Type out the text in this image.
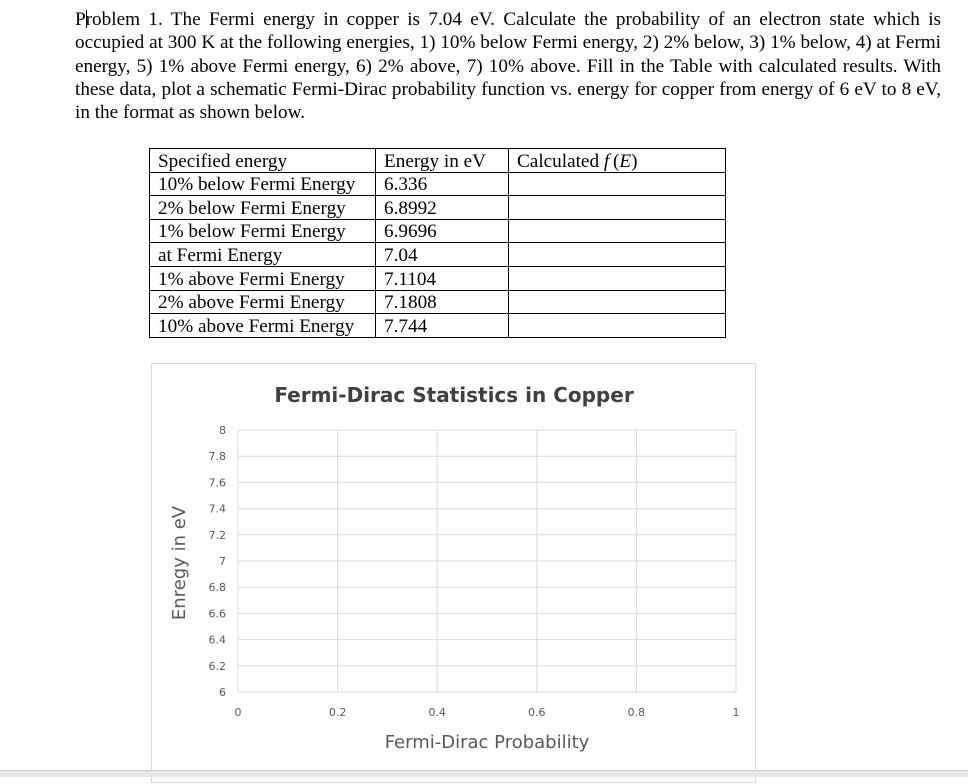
Problem 1. The Fermi energy in copper is 7.04 eV. Calculate the probability of an electron state which is occupied at 300 K at the following energies, 1) 10% below Fermi energy, 2) 2% below, 3) 1% below, 4) at Fermi energy, 5) 1% above Fermi energy, 6) 2% above, 7) 10% above. Fill in the Table with calculated results. With these data, plot a schematic Fermi-Dirac probability function vs. energy for copper from energy of 6 eV to 8 eV, in the format as shown below.

Specified energy	Energy in eV	Calculated f (E)
10% below Fermi Energy	6.336	
2% below Fermi Energy	6.8992	
1% below Fermi Energy	6.9696	
at Fermi Energy	7.04	
1% above Fermi Energy	7.1104	
2% above Fermi Energy	7.1808	
10% above Fermi Energy	7.744	
6
6.2
6.4
6.6
6.8
7
7.2
7.4
7.6
7.8
8
0	0.2	0.4	0.6	0.8	1
Fermi-Dirac Statistics in Copper
Fermi-Dirac Probability
Enregy in eV
